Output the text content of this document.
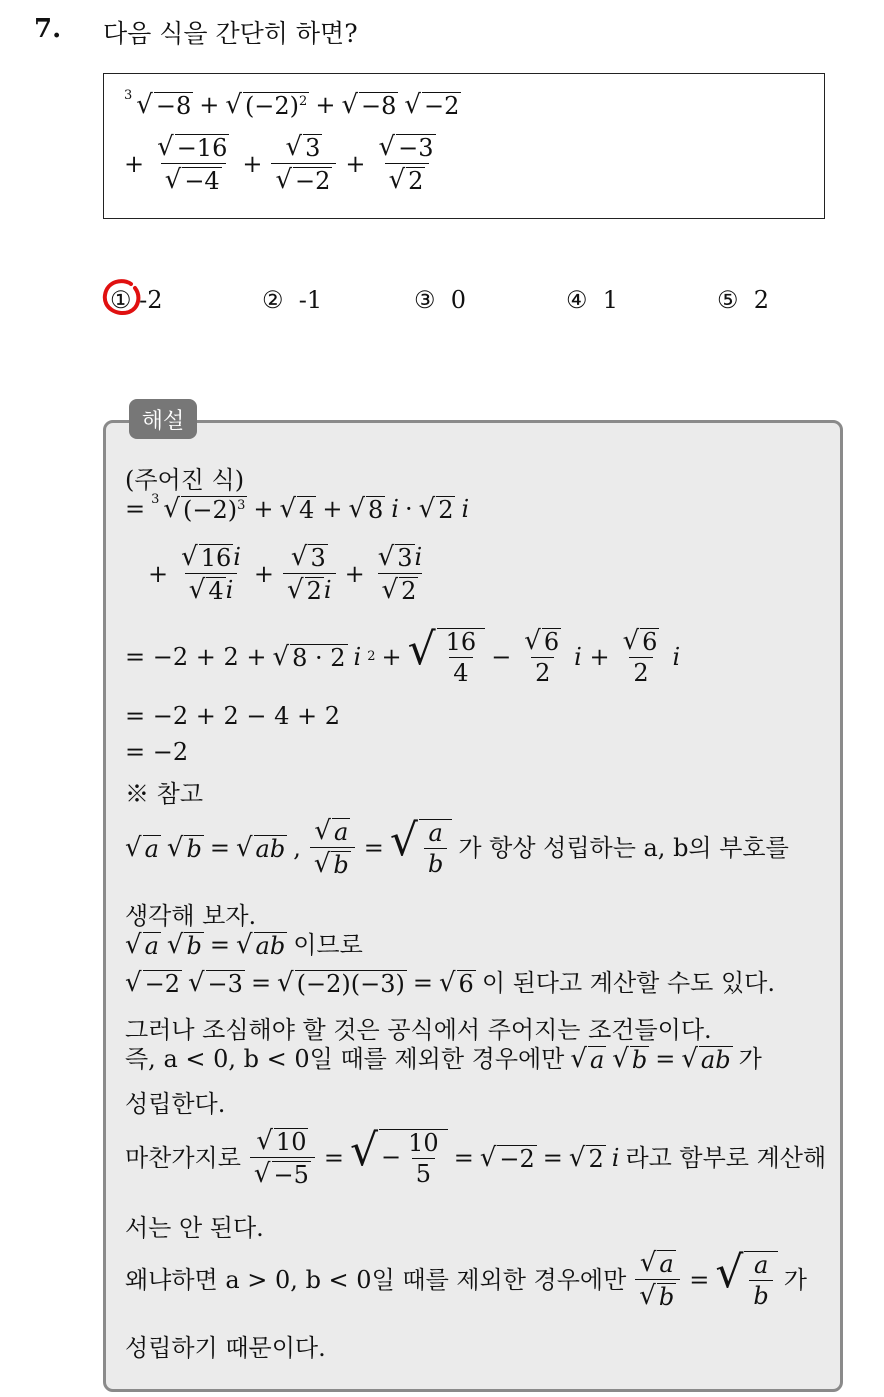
7. 다음 식을 간단히 하면?
3 √ −8 + √ $(-2)^2$ + √ −8 √ −2
+ $\frac{√ -16}{√ -4} + \frac{√ 3}{√ -2} + \frac{√ -3}{√ 2}$
① -2	② -1	③ 0	④ 1	⑤ 2
해설
(주어진 식)
= 3 √ $(-2)^3$ + √ 4 + √ 8 i · √ 2 i
+ $\frac{√ 16 i}{√ 4 i} + \frac{√ 3}{√ 2 i} + \frac{√ 3 i}{√ 2}$
= −2 + 2 + √ 8 · 2 i 2 + √ $\frac{16}{4} - \frac{√ 6}{2}$ $i + \frac{√ 6}{2}$ i
= −2 + 2 − 4 + 2
= −2
※ 참고
√ a √ b = √ ab , $\frac{√ a}{√ b}$ = √ $\frac{a}{b}$ 가 항상 성립하는 a, b의 부호를
생각해 보자.
√ a √ b = √ ab 이므로
√ −2 √ −3 = √ (−2)(−3) = √ 6 이 된다고 계산할 수도 있다.
그러나 조심해야 할 것은 공식에서 주어지는 조건들이다.
즉, a < 0, b < 0일 때를 제외한 경우에만 √ a √ b = √ ab 가
성립한다.
마찬가지로 $\frac{√ 10}{√ -5}$ = √ − $\frac{10}{5}$ = √ −2 = √ 2 i 라고 함부로 계산해
서는 안 된다.
왜냐하면 a > 0, b < 0일 때를 제외한 경우에만 $\frac{√ a}{√ b}$ = √ $\frac{a}{b}$ 가
성립하기 때문이다.
